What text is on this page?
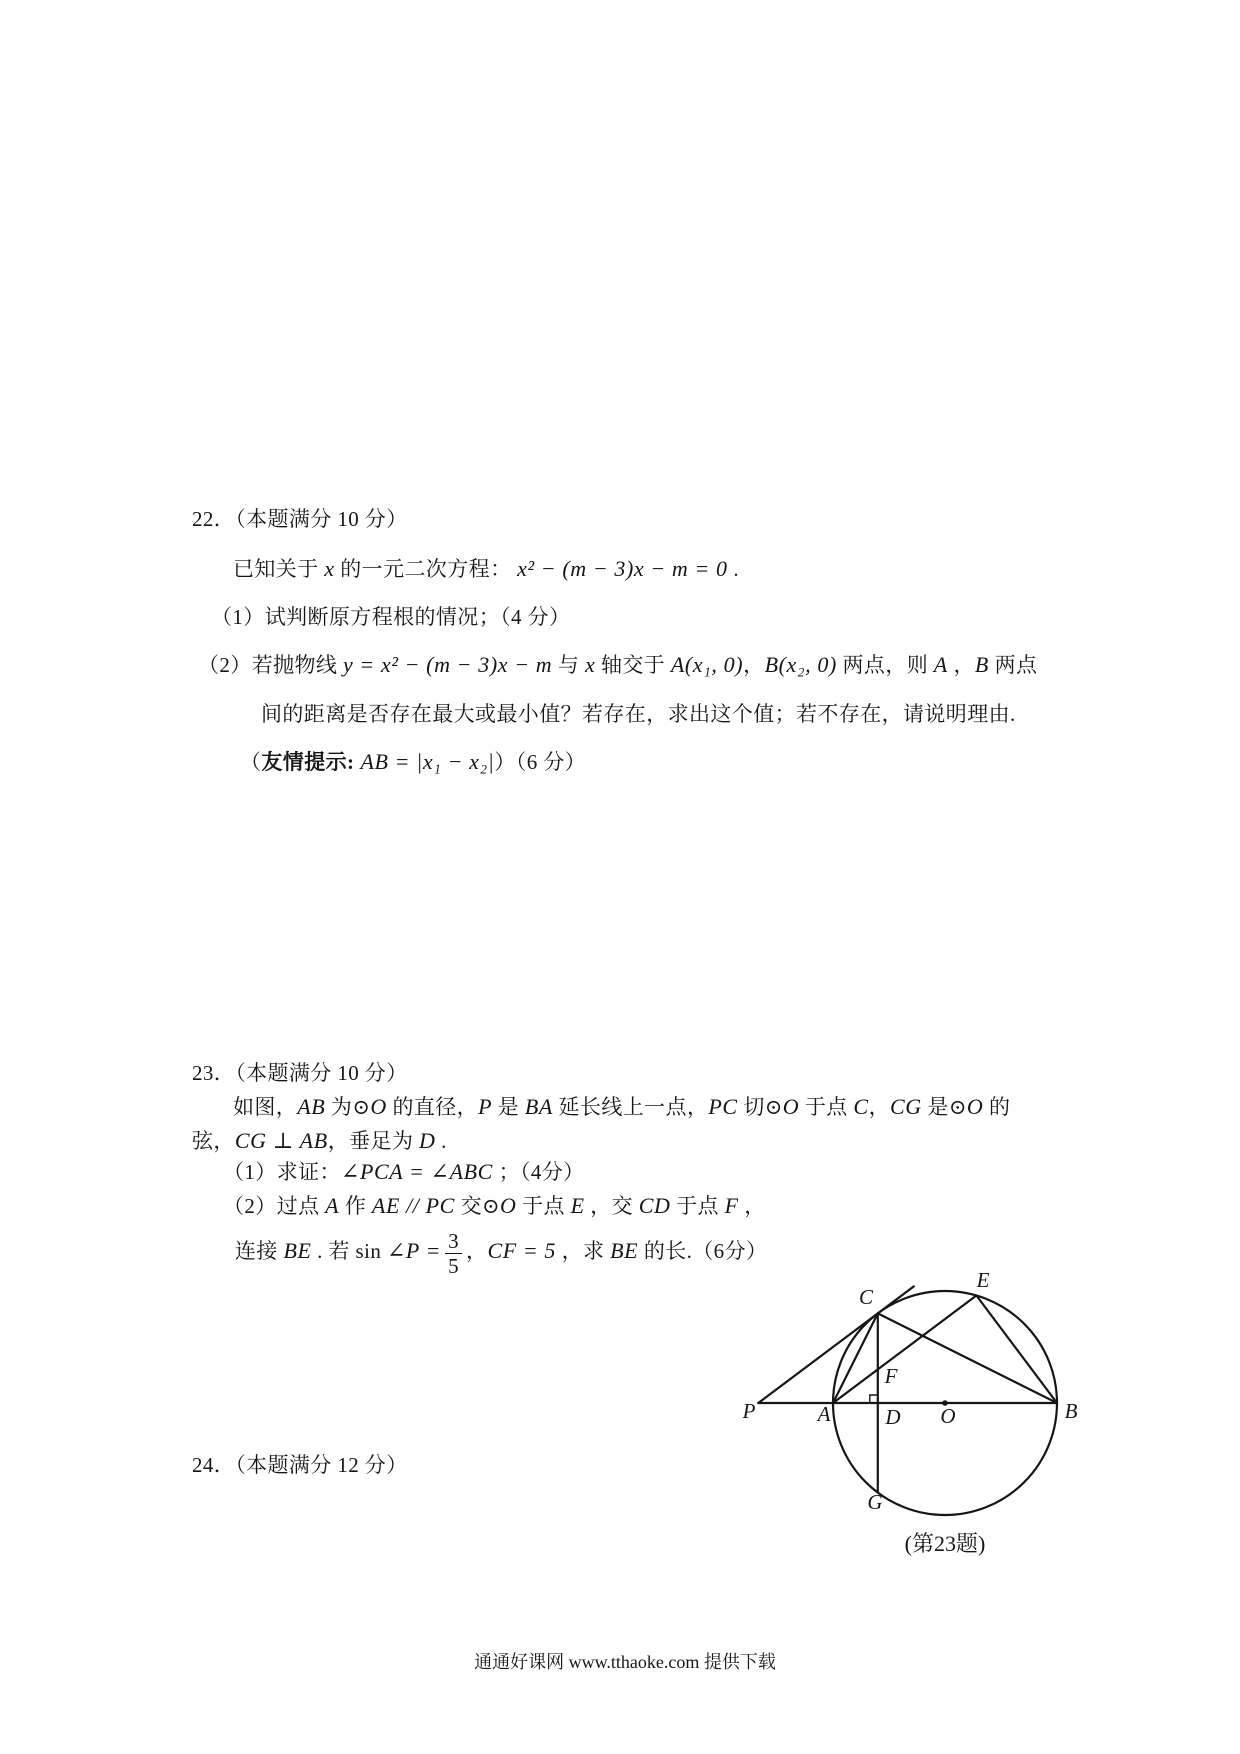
22．（本题满分 10 分）
已知关于 x 的一元二次方程： x² − (m − 3)x − m = 0 .
（1）试判断原方程根的情况；（4 分）
（2）若抛物线 y = x² − (m − 3)x − m 与 x 轴交于 A(x₁, 0)，B(x₂, 0) 两点，则 A ，B 两点
间的距离是否存在最大或最小值？若存在，求出这个值；若不存在，请说明理由.
（友情提示: AB = |x₁ − x₂|）（6 分）
23．（本题满分 10 分）
如图，AB 为⊙O 的直径，P 是 BA 延长线上一点，PC 切⊙O 于点 C，CG 是⊙O 的
弦，CG ⊥ AB，垂足为 D .
（1）求证：∠PCA = ∠ABC ；（4分）
（2）过点 A 作 AE // PC 交⊙O 于点 E ，交 CD 于点 F ，
连接 BE . 若 sin ∠P = $\frac{3}{5}$ ，CF = 5 ，求 BE 的长.（6分）
C
E
F
P	A	D O	B
G
(第23题)
24．（本题满分 12 分）
通通好课网 www.tthaoke.com 提供下载
